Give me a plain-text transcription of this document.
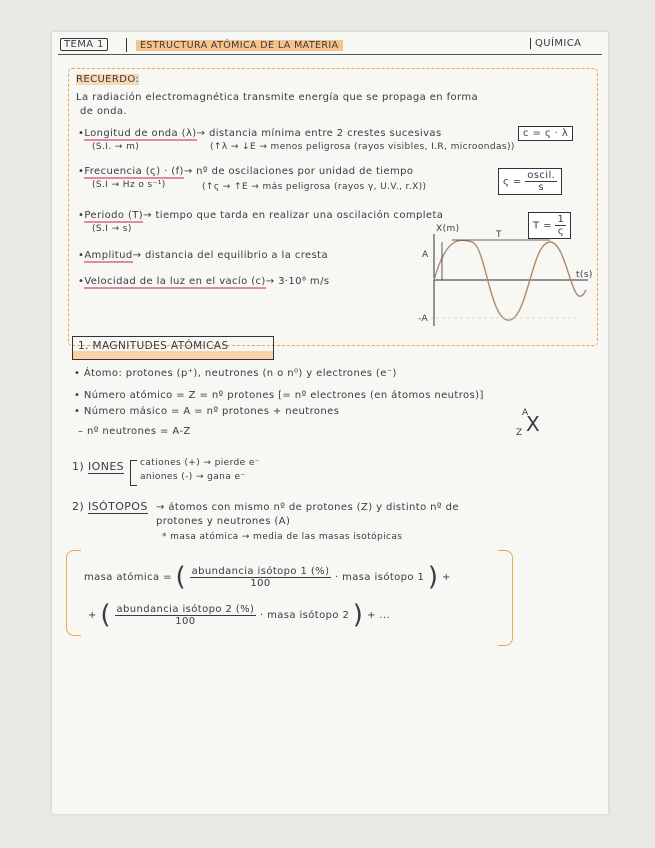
TEMA 1	ESTRUCTURA ATÓMICA DE LA MATERIA	QUÍMICA
RECUERDO:
La radiación electromagnética transmite energía que se propaga en forma
de onda.
•Longitud de onda (λ)→ distancia mínima entre 2 crestes sucesivas
(S.I. → m)	(↑λ → ↓E → menos peligrosa (rayos visibles, I.R, microondas))
c = ς · λ
•Frecuencia (ς) · (f)→ nº de oscilaciones por unidad de tiempo
(S.I → Hz o s⁻¹)	(↑ς → ↑E → más peligrosa (rayos γ, U.V., r.X))	$\varsigma = \frac{\text{oscil.}}{s}$
•Periodo (T)→ tiempo que tarda en realizar una oscilación completa
(S.I → s)	$T = \frac{1}{\varsigma}$
•Amplitud→ distancia del equilibrio a la cresta
•Velocidad de la luz en el vacío (c)→ 3·10⁸ m/s
X(m)
t(s)
T
A
-A
1. MAGNITUDES ATÓMICAS
• Átomo: protones (p⁺), neutrones (n o n⁰) y electrones (e⁻)
• Número atómico = Z = nº protones [= nº electrones (en átomos neutros)]
• Número másico = A = nº protones + neutrones
– nº neutrones = A-Z
A
Z X
1) IONES cationes (+) → pierde e⁻
aniones (-) → gana e⁻
2) ISÓTOPOS → átomos con mismo nº de protones (Z) y distinto nº de
protones y neutrones (A)
* masa atómica → media de las masas isotópicas
masa atómica = ( $\frac{\text{abundancia isótopo 1 (\%)}}{100}$ · masa isótopo 1 ) +
+ ( $\frac{\text{abundancia isótopo 2 (\%)}}{100}$ · masa isótopo 2 ) + ...
